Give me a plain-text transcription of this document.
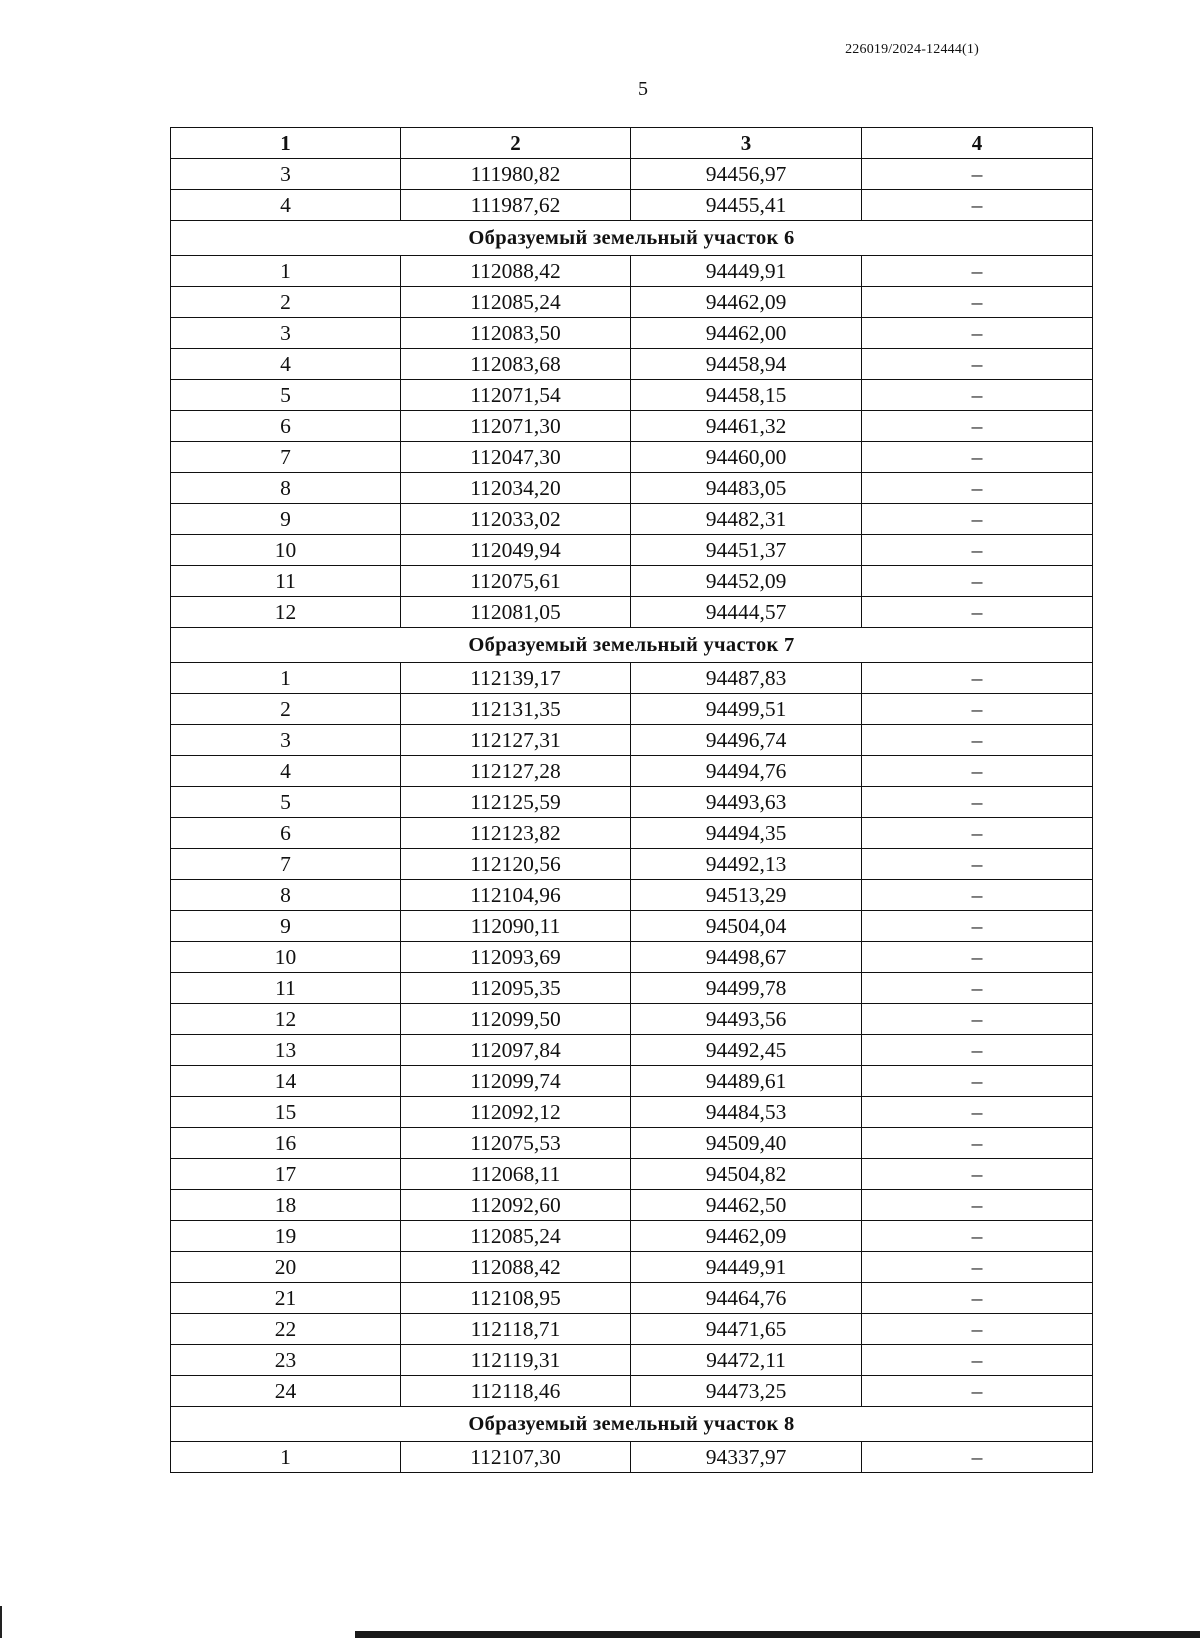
226019/2024-12444(1)
5
1	2	3	4
3	111980,82	94456,97	–
4	111987,62	94455,41	–
Образуемый земельный участок 6			
1	112088,42	94449,91	–
2	112085,24	94462,09	–
3	112083,50	94462,00	–
4	112083,68	94458,94	–
5	112071,54	94458,15	–
6	112071,30	94461,32	–
7	112047,30	94460,00	–
8	112034,20	94483,05	–
9	112033,02	94482,31	–
10	112049,94	94451,37	–
11	112075,61	94452,09	–
12	112081,05	94444,57	–
Образуемый земельный участок 7			
1	112139,17	94487,83	–
2	112131,35	94499,51	–
3	112127,31	94496,74	–
4	112127,28	94494,76	–
5	112125,59	94493,63	–
6	112123,82	94494,35	–
7	112120,56	94492,13	–
8	112104,96	94513,29	–
9	112090,11	94504,04	–
10	112093,69	94498,67	–
11	112095,35	94499,78	–
12	112099,50	94493,56	–
13	112097,84	94492,45	–
14	112099,74	94489,61	–
15	112092,12	94484,53	–
16	112075,53	94509,40	–
17	112068,11	94504,82	–
18	112092,60	94462,50	–
19	112085,24	94462,09	–
20	112088,42	94449,91	–
21	112108,95	94464,76	–
22	112118,71	94471,65	–
23	112119,31	94472,11	–
24	112118,46	94473,25	–
Образуемый земельный участок 8			
1	112107,30	94337,97	–
